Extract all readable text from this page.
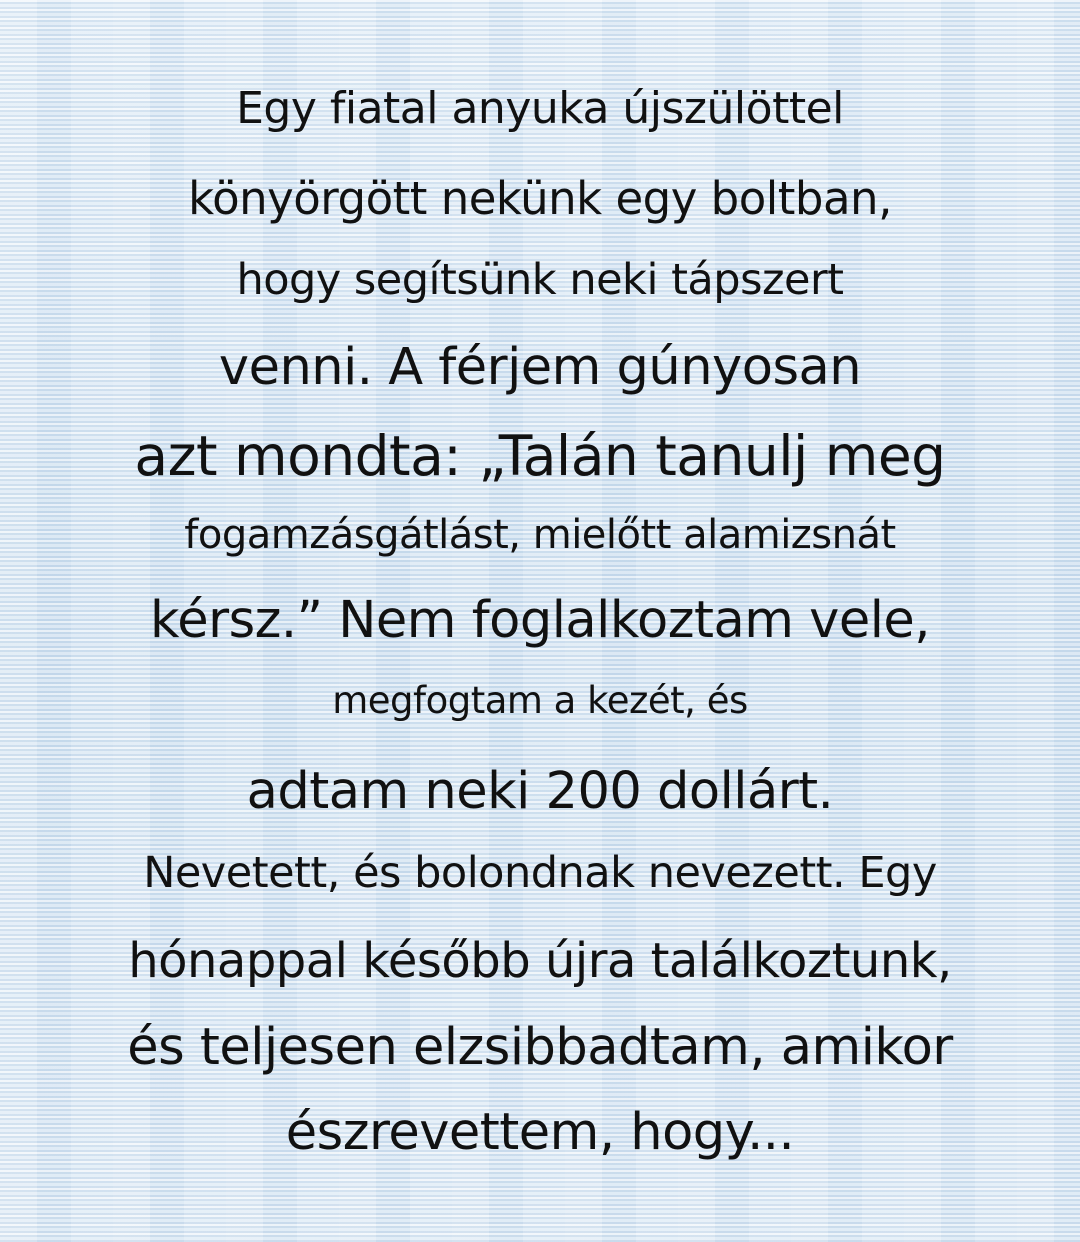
Egy fiatal anyuka újszülöttel
könyörgött nekünk egy boltban,
hogy segítsünk neki tápszert
venni. A férjem gúnyosan
azt mondta: „Talán tanulj meg
fogamzásgátlást, mielőtt alamizsnát
kérsz.” Nem foglalkoztam vele,
megfogtam a kezét, és
adtam neki 200 dollárt.
Nevetett, és bolondnak nevezett. Egy
hónappal később újra találkoztunk,
és teljesen elzsibbadtam, amikor
észrevettem, hogy...
